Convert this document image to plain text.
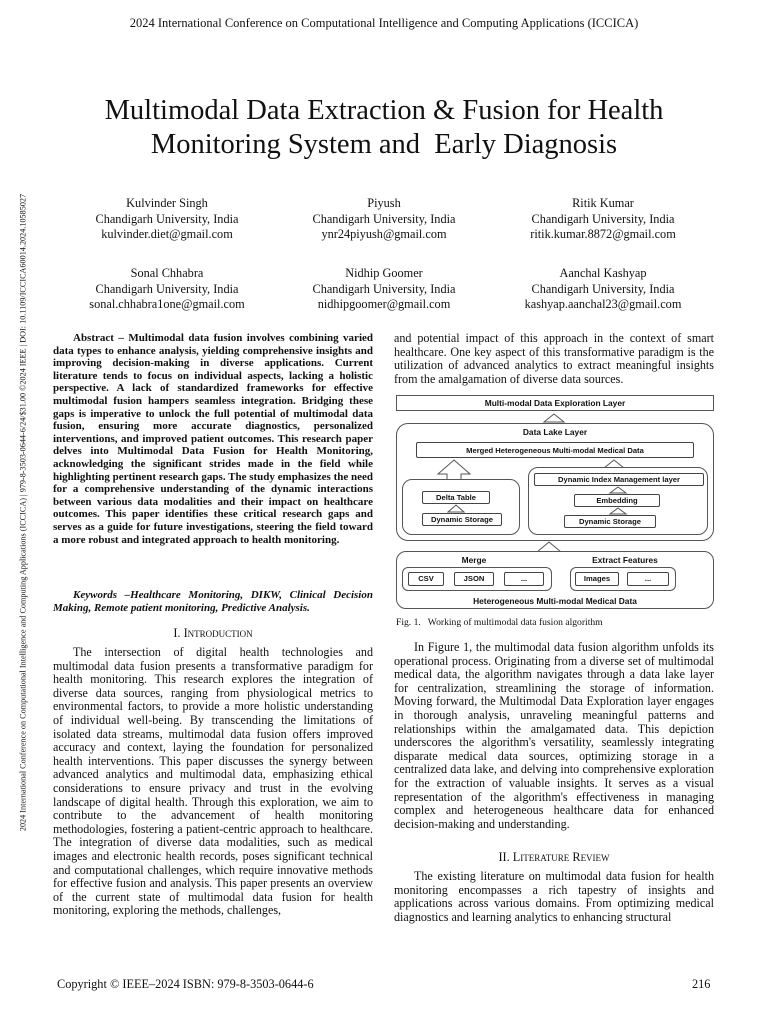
2024 International Conference on Computational Intelligence and Computing Applications (ICCICA)
2024 International Conference on Computational Intelligence and Computing Applications (ICCICA) | 979-8-3503-0644-6/24/$31.00 ©2024 IEEE | DOI: 10.1109/ICCICA60014.2024.10585027
Multimodal Data Extraction & Fusion for Health
Monitoring System and  Early Diagnosis
Kulvinder Singh
Chandigarh University, India
kulvinder.diet@gmail.com
Piyush
Chandigarh University, India
ynr24piyush@gmail.com
Ritik Kumar
Chandigarh University, India
ritik.kumar.8872@gmail.com
Sonal Chhabra
Chandigarh University, India
sonal.chhabra1one@gmail.com
Nidhip Goomer
Chandigarh University, India
nidhipgoomer@gmail.com
Aanchal Kashyap
Chandigarh University, India
kashyap.aanchal23@gmail.com

Abstract – Multimodal data fusion involves combining varied data types to enhance analysis, yielding comprehensive insights and improving decision-making in diverse applications. Current literature tends to focus on individual aspects, lacking a holistic perspective. A lack of standardized frameworks for effective multimodal fusion hampers seamless integration. Bridging these gaps is imperative to unlock the full potential of multimodal data fusion, ensuring more accurate diagnostics, personalized interventions, and improved patient outcomes. This research paper delves into Multimodal Data Fusion for Health Monitoring, acknowledging the significant strides made in the field while highlighting pertinent research gaps. The study emphasizes the need for a comprehensive understanding of the dynamic interactions between various data modalities and their impact on healthcare outcomes. This paper identifies these critical research gaps and serves as a guide for future investigations, steering the field toward a more robust and integrated approach to health monitoring.

Keywords –Healthcare Monitoring, DIKW, Clinical Decision Making, Remote patient monitoring, Predictive Analysis.
I. Introduction

The intersection of digital health technologies and multimodal data fusion presents a transformative paradigm for health monitoring. This research explores the integration of diverse data sources, ranging from physiological metrics to environmental factors, to provide a more holistic understanding of individual well-being. By transcending the limitations of isolated data streams, multimodal data fusion offers improved accuracy and context, laying the foundation for personalized health interventions. This paper discusses the synergy between advanced analytics and multimodal data, emphasizing ethical considerations to ensure privacy and trust in the evolving landscape of digital health. Through this exploration, we aim to contribute to the advancement of health monitoring methodologies, fostering a patient-centric approach to healthcare. The integration of diverse data modalities, such as medical images and electronic health records, poses significant technical and computational challenges, which require innovative methods for effective fusion and analysis. This paper presents an overview of the current state of multimodal data fusion for health monitoring, exploring the methods, challenges,

and potential impact of this approach in the context of smart healthcare. One key aspect of this transformative paradigm is the utilization of advanced analytics to extract meaningful insights from the amalgamation of diverse data sources.

Multi-modal Data Exploration Layer
Data Lake Layer
Merged Heterogeneous Multi-modal Medical Data
Delta Table
Dynamic Storage
Dynamic Index Management layer
Embedding
Dynamic Storage
Merge	Extract Features
CSV	JSON	...	Images	...
Heterogeneous Multi-modal Medical Data
Fig. 1.   Working of multimodal data fusion algorithm

In Figure 1, the multimodal data fusion algorithm unfolds its operational process. Originating from a diverse set of multimodal medical data, the algorithm navigates through a data lake layer for centralization, streamlining the storage of information. Moving forward, the Multimodal Data Exploration layer engages in thorough analysis, unraveling meaningful patterns and relationships within the amalgamated data. This depiction underscores the algorithm's versatility, seamlessly integrating disparate medical data sources, optimizing storage in a centralized data lake, and delving into comprehensive exploration for the extraction of valuable insights. It serves as a visual representation of the algorithm's effectiveness in managing complex and heterogeneous healthcare data for enhanced decision-making and understanding.

II. Literature Review

The existing literature on multimodal data fusion for health monitoring encompasses a rich tapestry of insights and applications across various domains. From optimizing medical diagnostics and learning analytics to enhancing structural

Copyright © IEEE–2024 ISBN: 979-8-3503-0644-6	216
